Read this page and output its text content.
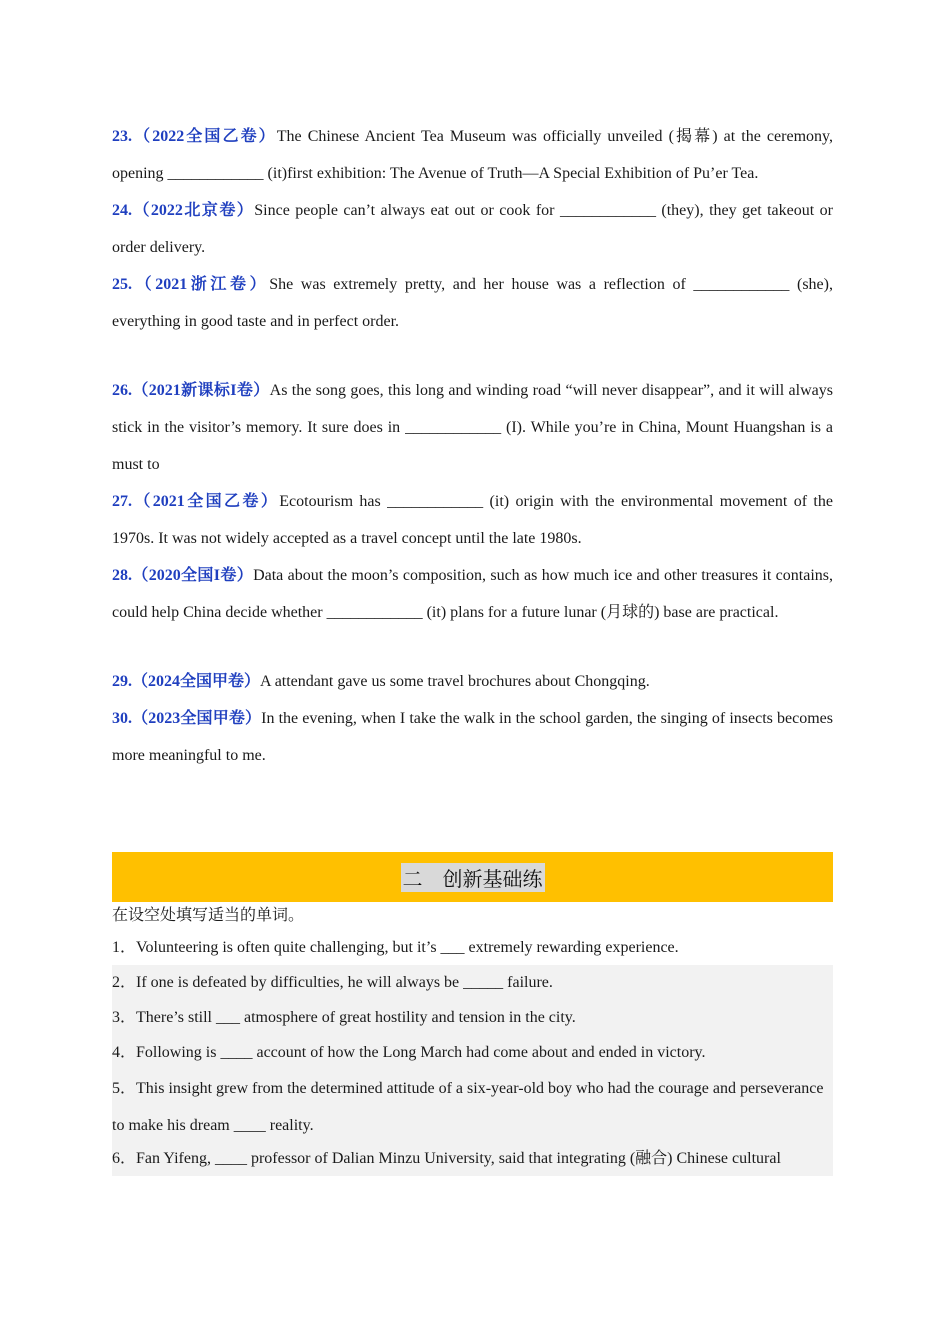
23.（2022全国乙卷）The Chinese Ancient Tea Museum was officially unveiled (揭幕) at the ceremony, opening ____________ (it)first exhibition: The Avenue of Truth—A Special Exhibition of Pu’er Tea.

24.（2022北京卷）Since people can’t always eat out or cook for ____________ (they), they get takeout or order delivery.

25.（2021浙江卷）She was extremely pretty, and her house was a reflection of ____________ (she), everything in good taste and in perfect order.

26.（2021新课标I卷）As the song goes, this long and winding road “will never disappear”, and it will always stick in the visitor’s memory. It sure does in ____________ (I). While you’re in China, Mount Huangshan is a must to

27.（2021全国乙卷）Ecotourism has ____________ (it) origin with the environmental movement of the 1970s. It was not widely accepted as a travel concept until the late 1980s.

28.（2020全国I卷）Data about the moon’s composition, such as how much ice and other treasures it contains, could help China decide whether ____________ (it) plans for a future lunar (月球的) base are practical.

29.（2024全国甲卷）A attendant gave us some travel brochures about Chongqing.

30.（2023全国甲卷）In the evening, when I take the walk in the school garden, the singing of insects becomes more meaningful to me.

二　创新基础练

在设空处填写适当的单词。

1．Volunteering is often quite challenging, but it’s ___ extremely rewarding experience.

2．If one is defeated by difficulties, he will always be _____ failure.

3．There’s still ___ atmosphere of great hostility and tension in the city.

4．Following is ____ account of how the Long March had come about and ended in victory.

5．This insight grew from the determined attitude of a six-year-old boy who had the courage and perseverance to make his dream ____ reality.

6．Fan Yifeng, ____ professor of Dalian Minzu University, said that integrating (融合) Chinese cultural
